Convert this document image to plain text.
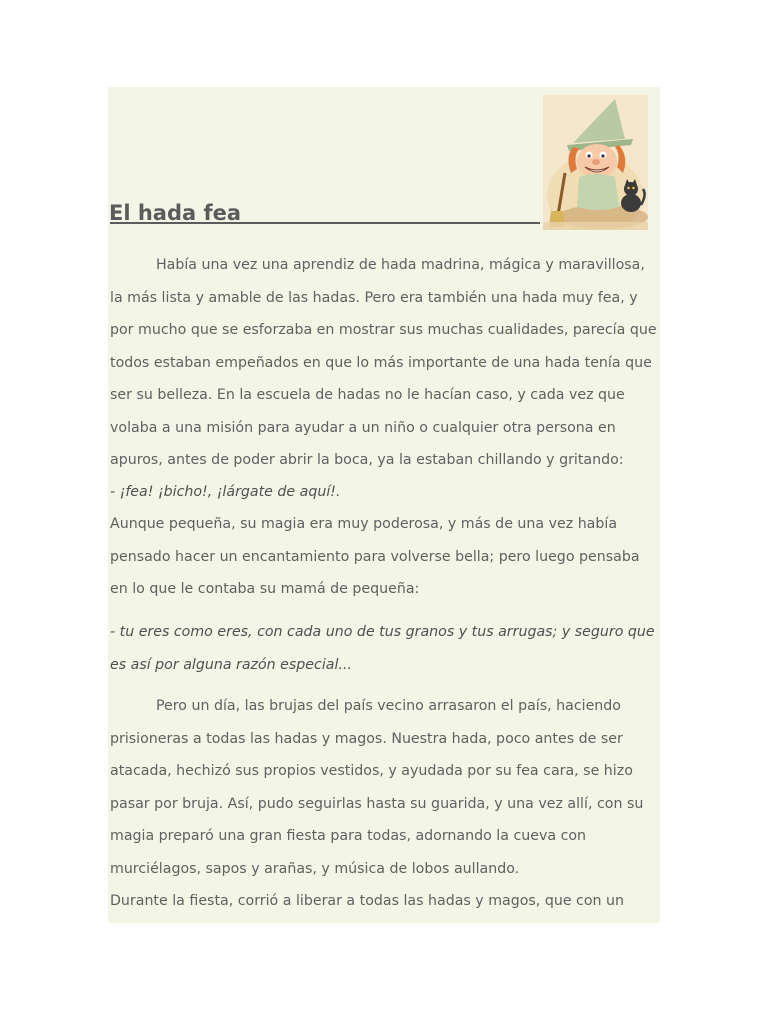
El hada fea
Había una vez una aprendiz de hada madrina, mágica y maravillosa, la más lista y amable de las hadas. Pero era también una hada muy fea, y por mucho que se esforzaba en mostrar sus muchas cualidades, parecía que todos estaban empeñados en que lo más importante de una hada tenía que ser su belleza. En la escuela de hadas no le hacían caso, y cada vez que volaba a una misión para ayudar a un niño o cualquier otra persona en apuros, antes de poder abrir la boca, ya la estaban chillando y gritando:
- ¡fea! ¡bicho!, ¡lárgate de aquí!.
Aunque pequeña, su magia era muy poderosa, y más de una vez había pensado hacer un encantamiento para volverse bella; pero luego pensaba en lo que le contaba su mamá de pequeña:
- tu eres como eres, con cada uno de tus granos y tus arrugas; y seguro que es así por alguna razón especial...
Pero un día, las brujas del país vecino arrasaron el país, haciendo prisioneras a todas las hadas y magos. Nuestra hada, poco antes de ser atacada, hechizó sus propios vestidos, y ayudada por su fea cara, se hizo pasar por bruja. Así, pudo seguirlas hasta su guarida, y una vez allí, con su magia preparó una gran fiesta para todas, adornando la cueva con murciélagos, sapos y arañas, y música de lobos aullando.
Durante la fiesta, corrió a liberar a todas las hadas y magos, que con un
